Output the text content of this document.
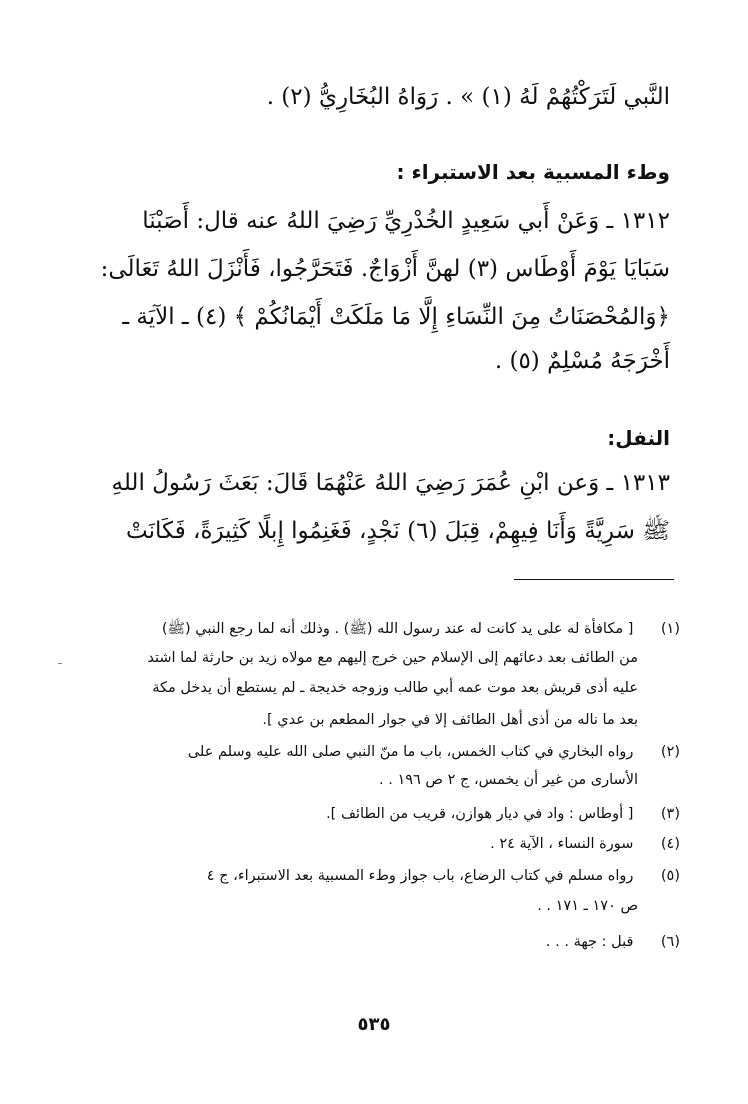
النَّبي لَتَرَكْتُهُمْ لَهُ (١) » . رَوَاهُ البُخَارِيُّ (٢) .
وطء المسبية بعد الاستبراء :
١٣١٢ ـ وَعَنْ أَبي سَعِيدٍ الخُدْرِيِّ رَضِيَ اللهُ عنه قال: أَصَبْنَا
سَبَايَا يَوْمَ أَوْطَاس (٣) لهنَّ أَزْوَاجٌ. فَتَحَرَّجُوا، فَأَنْزَلَ اللهُ تَعَالَى:
﴿وَالمُحْصَنَاتُ مِنَ النِّسَاءِ إِلَّا مَا مَلَكَتْ أَيْمَانُكُمْ ﴾ (٤) ـ الآيَة ـ
أَخْرَجَهُ مُسْلِمٌ (٥) .
النفل:
١٣١٣ ـ وَعن ابْنِ عُمَرَ رَضِيَ اللهُ عَنْهُمَا قَالَ: بَعَثَ رَسُولُ اللهِ
ﷺ سَرِيَّةً وَأَنَا فِيهِمْ، قِبَلَ (٦) نَجْدٍ، فَغَنِمُوا إِبلًا كَثِيرَةً، فَكَانَتْ
(١) [ مكافأة له على يد كانت له عند رسول الله (ﷺ) . وذلك أنه لما رجع النبي (ﷺ)
من الطائف بعد دعائهم إلى الإسلام حين خرج إليهم مع مولاه زيد بن حارثة لما اشتد
عليه أذى قريش بعد موت عمه أبي طالب وزوجه خديجة ـ لم يستطع أن يدخل مكة
بعد ما ناله من أذى أهل الطائف إلا في جوار المطعم بن عدي ].
(٢) رواه البخاري في كتاب الخمس، باب ما منّ النبي صلى الله عليه وسلم على
الأسارى من غير أن يخمس، ج ٢ ص ١٩٦ . .
(٣) [ أوطاس : واد في ديار هوازن، قريب من الطائف ].
(٤) سورة النساء ، الآية ٢٤ .
(٥) رواه مسلم في كتاب الرضاع، باب جواز وطء المسبية بعد الاستبراء، ج ٤
ص ١٧٠ ـ ١٧١ . .
(٦) قبل : جهة . . .
٥٣٥
